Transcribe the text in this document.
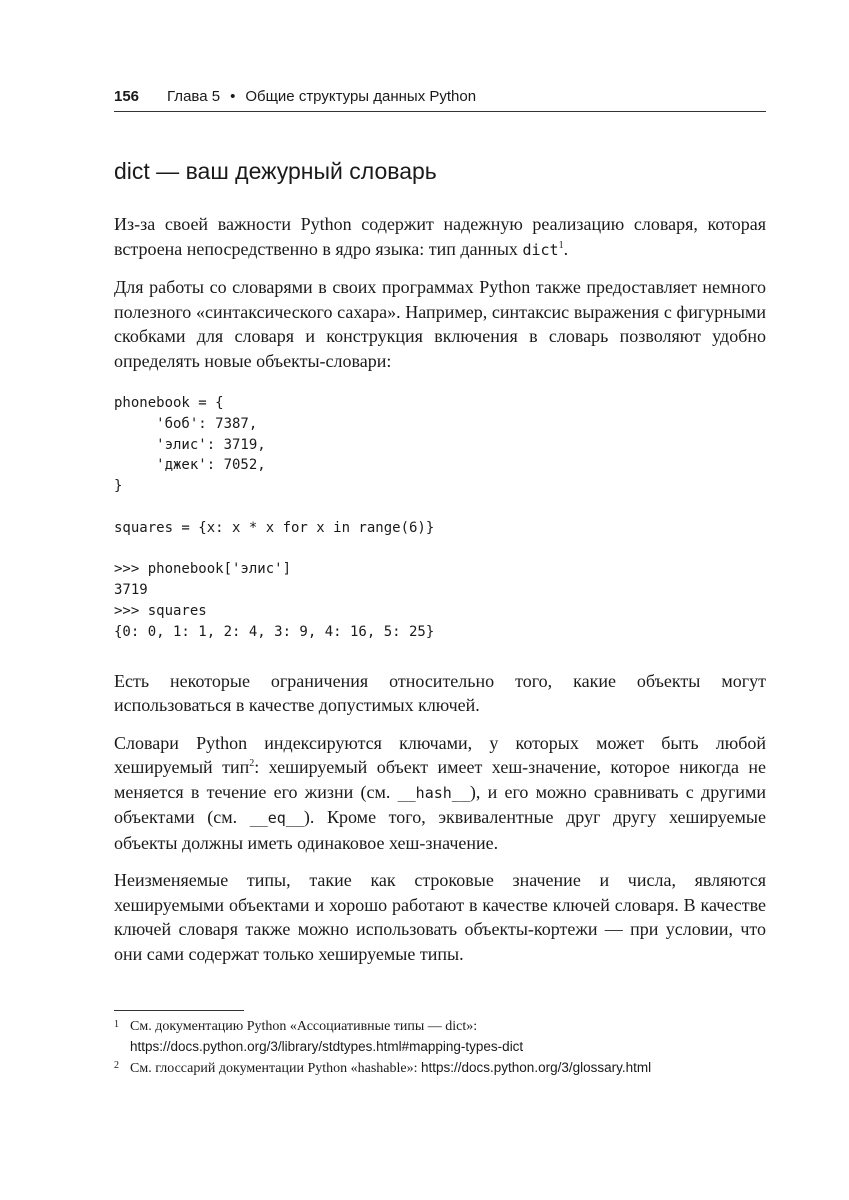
156 Глава 5 • Общие структуры данных Python
dict — ваш дежурный словарь

Из-за своей важности Python содержит надежную реализацию словаря, которая встроена непосредственно в ядро языка: тип данных dict$^1$.

Для работы со словарями в своих программах Python также предоставляет немного полезного «синтаксического сахара». Например, синтаксис выражения с фигурными скобками для словаря и конструкция включения в словарь позволяют удобно определять новые объекты-словари:

phonebook = {
'боб': 7387,
'элис': 3719,
'джек': 7052,
}

squares = {x: x * x for x in range(6)}

>>> phonebook['элис']
3719
>>> squares
{0: 0, 1: 1, 2: 4, 3: 9, 4: 16, 5: 25}

Есть некоторые ограничения относительно того, какие объекты могут использоваться в качестве допустимых ключей.

Словари Python индексируются ключами, у которых может быть любой хешируемый тип$^2$: хешируемый объект имеет хеш-значение, которое никогда не меняется в течение его жизни (см. __hash__), и его можно сравнивать с другими объектами (см. __eq__). Кроме того, эквивалентные друг другу хешируемые объекты должны иметь одинаковое хеш-значение.

Неизменяемые типы, такие как строковые значение и числа, являются хешируемыми объектами и хорошо работают в качестве ключей словаря. В качестве ключей словаря также можно использовать объекты-кортежи — при условии, что они сами содержат только хешируемые типы.

1 См. документацию Python «Ассоциативные типы — dict»: https://docs.python.org/3/library/stdtypes.html#mapping-types-dict
2 См. глоссарий документации Python «hashable»: https://docs.python.org/3/glossary.html
